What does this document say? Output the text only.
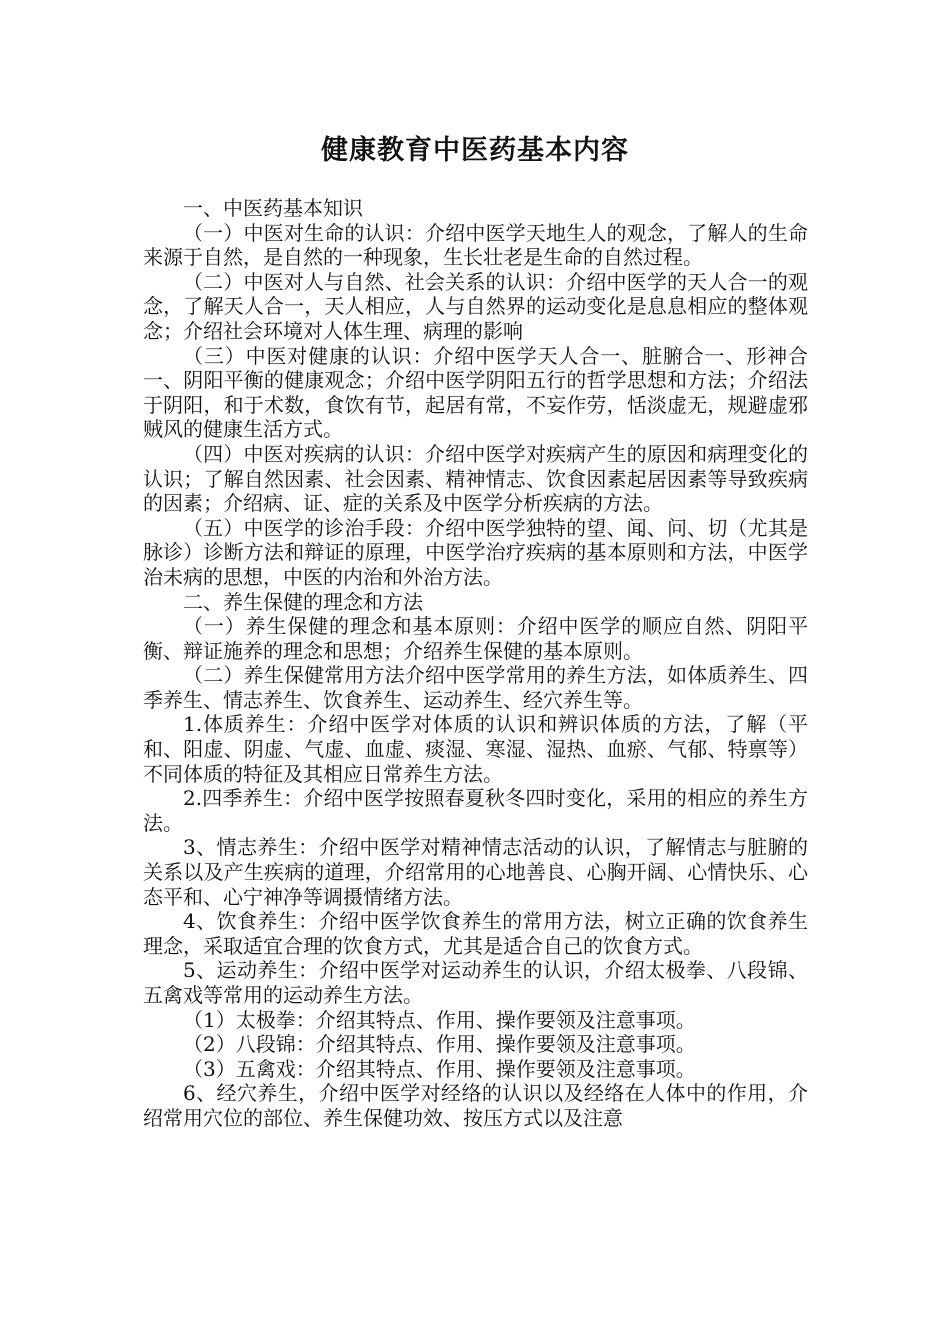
健康教育中医药基本内容

一、中医药基本知识

（一）中医对生命的认识：介绍中医学天地生人的观念，了解人的生命来源于自然，是自然的一种现象，生长壮老是生命的自然过程。

（二）中医对人与自然、社会关系的认识：介绍中医学的天人合一的观念，了解天人合一，天人相应，人与自然界的运动变化是息息相应的整体观念；介绍社会环境对人体生理、病理的影响

（三）中医对健康的认识：介绍中医学天人合一、脏腑合一、形神合一、阴阳平衡的健康观念；介绍中医学阴阳五行的哲学思想和方法；介绍法于阴阳，和于术数，食饮有节，起居有常，不妄作劳，恬淡虚无，规避虚邪贼风的健康生活方式。

（四）中医对疾病的认识：介绍中医学对疾病产生的原因和病理变化的认识；了解自然因素、社会因素、精神情志、饮食因素起居因素等导致疾病的因素；介绍病、证、症的关系及中医学分析疾病的方法。

（五）中医学的诊治手段：介绍中医学独特的望、闻、问、切（尤其是脉诊）诊断方法和辩证的原理，中医学治疗疾病的基本原则和方法，中医学治未病的思想，中医的内治和外治方法。

二、养生保健的理念和方法

（一）养生保健的理念和基本原则：介绍中医学的顺应自然、阴阳平衡、辩证施养的理念和思想；介绍养生保健的基本原则。

（二）养生保健常用方法介绍中医学常用的养生方法，如体质养生、四季养生、情志养生、饮食养生、运动养生、经穴养生等。

1.体质养生：介绍中医学对体质的认识和辨识体质的方法，了解（平和、阳虚、阴虚、气虚、血虚、痰湿、寒湿、湿热、血瘀、气郁、特禀等）不同体质的特征及其相应日常养生方法。

2.四季养生：介绍中医学按照春夏秋冬四时变化，采用的相应的养生方法。

3、情志养生：介绍中医学对精神情志活动的认识，了解情志与脏腑的关系以及产生疾病的道理，介绍常用的心地善良、心胸开阔、心情快乐、心态平和、心宁神净等调摄情绪方法。

4、饮食养生：介绍中医学饮食养生的常用方法，树立正确的饮食养生理念，采取适宜合理的饮食方式，尤其是适合自己的饮食方式。

5、运动养生：介绍中医学对运动养生的认识，介绍太极拳、八段锦、五禽戏等常用的运动养生方法。

（1）太极拳：介绍其特点、作用、操作要领及注意事项。

（2）八段锦：介绍其特点、作用、操作要领及注意事项。

（3）五禽戏：介绍其特点、作用、操作要领及注意事项。

6、经穴养生，介绍中医学对经络的认识以及经络在人体中的作用，介绍常用穴位的部位、养生保健功效、按压方式以及注意
